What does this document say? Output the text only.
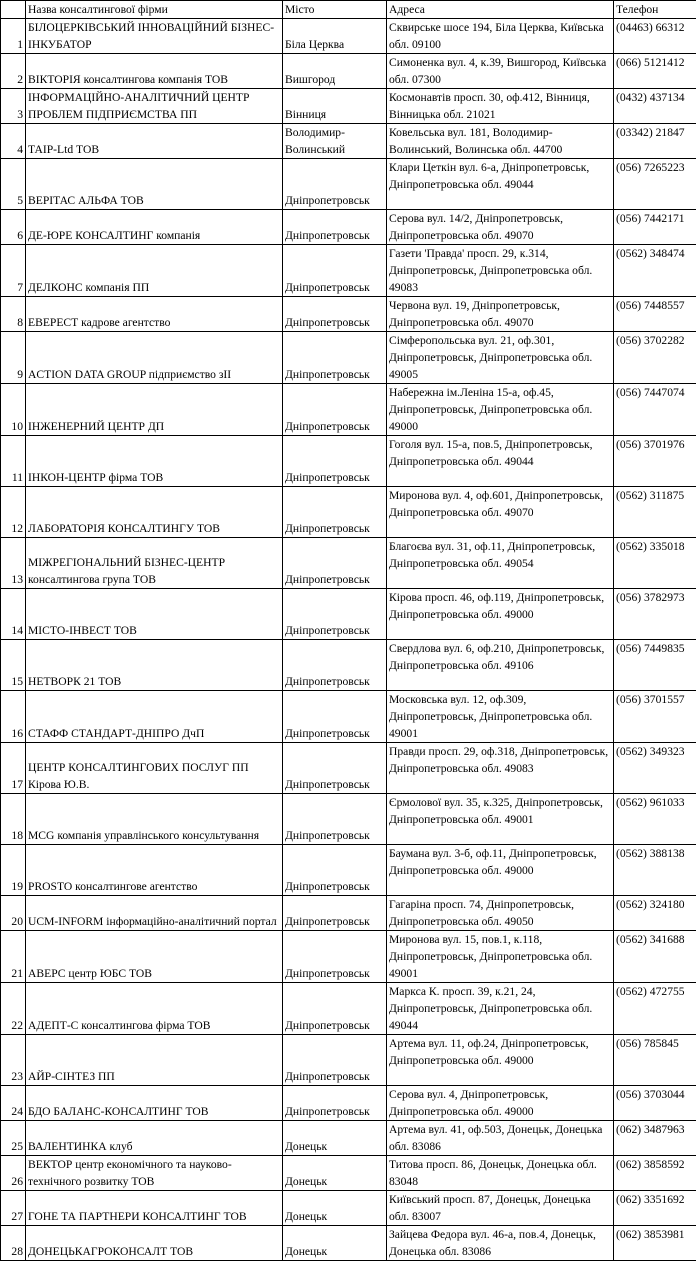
	Назва консалтингової фірми	Місто	Адреса	Телефон
1	БІЛОЦЕРКІВСЬКИЙ ІННОВАЦІЙНИЙ БІЗНЕС-ІНКУБАТОР	Біла Церква	Сквирське шосе 194, Біла Церква, Київська обл. 09100	(04463) 66312
2	ВІКТОРІЯ консалтингова компанія ТОВ	Вишгород	Симоненка вул. 4, к.39, Вишгород, Київська обл. 07300	(066) 5121412
3	ІНФОРМАЦІЙНО-АНАЛІТИЧНИЙ ЦЕНТР ПРОБЛЕМ ПІДПРИЄМСТВА ПП	Вінниця	Космонавтів просп. 30, оф.412, Вінниця, Вінницька обл. 21021	(0432) 437134
4	ТАІР-Ltd ТОВ	Володимир-Волинський	Ковельська вул. 181, Володимир-Волинський, Волинська обл. 44700	(03342) 21847
5	ВЕРІТАС АЛЬФА ТОВ	Дніпропетровськ	Клари Цеткін вул. 6-а, Дніпропетровськ, Дніпропетровська обл. 49044	(056) 7265223
6	ДЕ-ЮРЕ КОНСАЛТИНГ компанія	Дніпропетровськ	Серова вул. 14/2, Дніпропетровськ, Дніпропетровська обл. 49070	(056) 7442171
7	ДЕЛКОНС компанія ПП	Дніпропетровськ	Газети 'Правда' просп. 29, к.314, Дніпропетровськ, Дніпропетровська обл. 49083	(0562) 348474
8	ЕВЕРЕСТ кадрове агентство	Дніпропетровськ	Червона вул. 19, Дніпропетровськ, Дніпропетровська обл. 49070	(056) 7448557
9	ACTION DATA GROUP підприємство зІІ	Дніпропетровськ	Сімферопольська вул. 21, оф.301, Дніпропетровськ, Дніпропетровська обл. 49005	(056) 3702282
10	ІНЖЕНЕРНИЙ ЦЕНТР ДП	Дніпропетровськ	Набережна ім.Леніна 15-а, оф.45, Дніпропетровськ, Дніпропетровська обл. 49000	(056) 7447074
11	ІНКОН-ЦЕНТР фірма ТОВ	Дніпропетровськ	Гоголя вул. 15-а, пов.5, Дніпропетровськ, Дніпропетровська обл. 49044	(056) 3701976
12	ЛАБОРАТОРІЯ КОНСАЛТИНГУ ТОВ	Дніпропетровськ	Миронова вул. 4, оф.601, Дніпропетровськ, Дніпропетровська обл. 49070	(0562) 311875
13	МІЖРЕГІОНАЛЬНИЙ БІЗНЕС-ЦЕНТР консалтингова група ТОВ	Дніпропетровськ	Благоєва вул. 31, оф.11, Дніпропетровськ, Дніпропетровська обл. 49054	(0562) 335018
14	МІСТО-ІНВЕСТ ТОВ	Дніпропетровськ	Кірова просп. 46, оф.119, Дніпропетровськ, Дніпропетровська обл. 49000	(056) 3782973
15	НЕТВОРК 21 ТОВ	Дніпропетровськ	Свердлова вул. 6, оф.210, Дніпропетровськ, Дніпропетровська обл. 49106	(056) 7449835
16	СТАФФ СТАНДАРТ-ДНІПРО ДчП	Дніпропетровськ	Московська вул. 12, оф.309, Дніпропетровськ, Дніпропетровська обл. 49001	(056) 3701557
17	ЦЕНТР КОНСАЛТИНГОВИХ ПОСЛУГ ПП Кірова Ю.В.	Дніпропетровськ	Правди просп. 29, оф.318, Дніпропетровськ, Дніпропетровська обл. 49083	(0562) 349323
18	MCG компанія управлінського консультування	Дніпропетровськ	Єрмолової вул. 35, к.325, Дніпропетровськ, Дніпропетровська обл. 49001	(0562) 961033
19	PROSTO консалтингове агентство	Дніпропетровськ	Баумана вул. 3-б, оф.11, Дніпропетровськ, Дніпропетровська обл. 49000	(0562) 388138
20	UCM-INFORM інформаційно-аналітичний портал	Дніпропетровськ	Гагаріна просп. 74, Дніпропетровськ, Дніпропетровська обл. 49050	(0562) 324180
21	АВЕРС центр ЮБС ТОВ	Дніпропетровськ	Миронова вул. 15, пов.1, к.118, Дніпропетровськ, Дніпропетровська обл. 49001	(0562) 341688
22	АДЕПТ-С консалтингова фірма ТОВ	Дніпропетровськ	Маркса К. просп. 39, к.21, 24, Дніпропетровськ, Дніпропетровська обл. 49044	(0562) 472755
23	АЙР-СІНТЕЗ ПП	Дніпропетровськ	Артема вул. 11, оф.24, Дніпропетровськ, Дніпропетровська обл. 49000	(056) 785845
24	БДО БАЛАНС-КОНСАЛТИНГ ТОВ	Дніпропетровськ	Серова вул. 4, Дніпропетровськ, Дніпропетровська обл. 49000	(056) 3703044
25	ВАЛЕНТИНКА клуб	Донецьк	Артема вул. 41, оф.503, Донецьк, Донецька обл. 83086	(062) 3487963
26	ВЕКТОР центр економічного та науково-технічного розвитку ТОВ	Донецьк	Титова просп. 86, Донецьк, Донецька обл. 83048	(062) 3858592
27	ГОНЕ ТА ПАРТНЕРИ КОНСАЛТИНГ ТОВ	Донецьк	Київський просп. 87, Донецьк, Донецька обл. 83007	(062) 3351692
28	ДОНЕЦЬКАГРОКОНСАЛТ ТОВ	Донецьк	Зайцева Федора вул. 46-а, пов.4, Донецьк, Донецька обл. 83086	(062) 3853981
